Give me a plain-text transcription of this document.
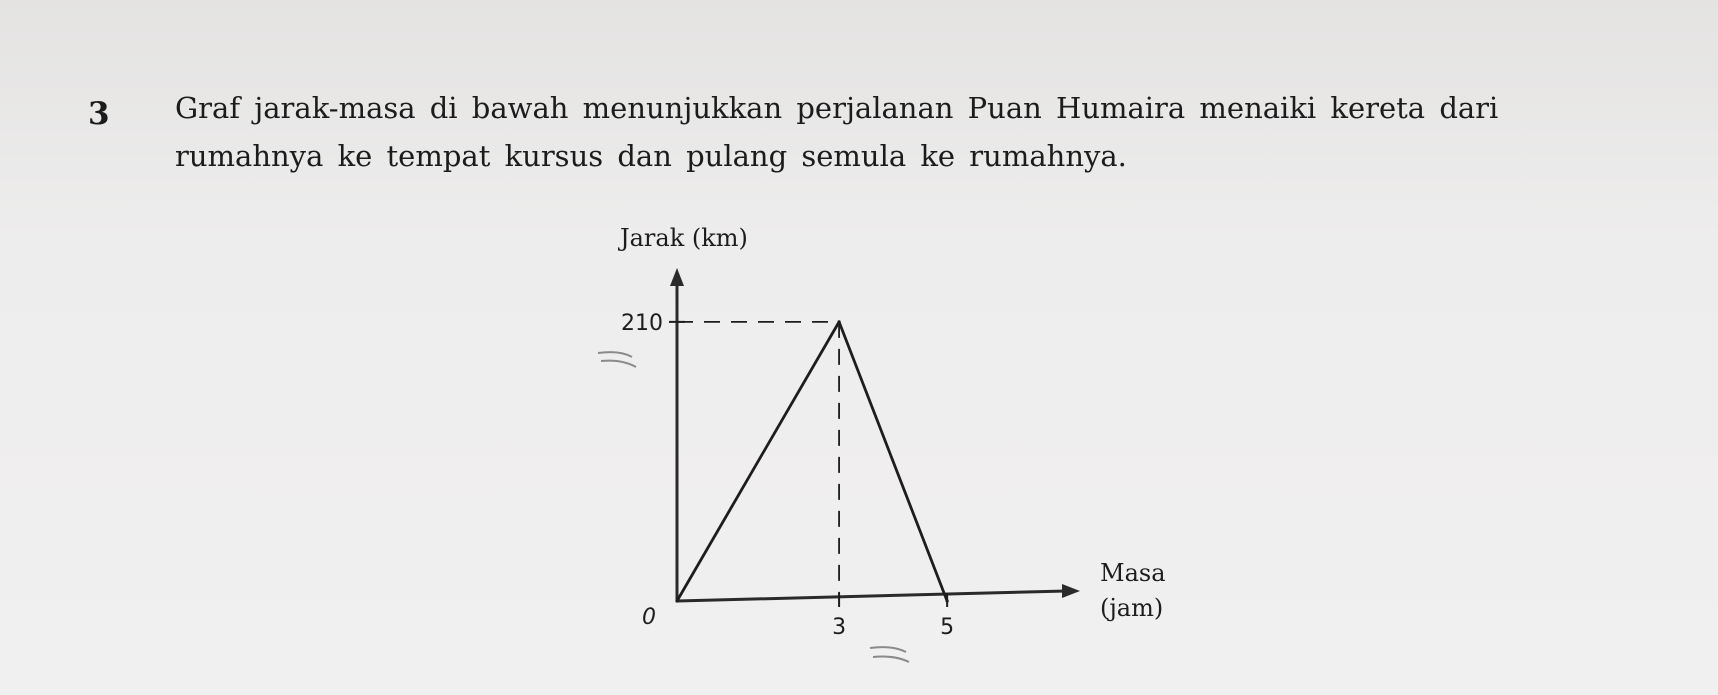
3 Graf jarak-masa di bawah menunjukkan perjalanan Puan Humaira menaiki kereta dari
rumahnya ke tempat kursus dan pulang semula ke rumahnya.
3	5
210
Jarak (km)
Masa
(jam)
0
